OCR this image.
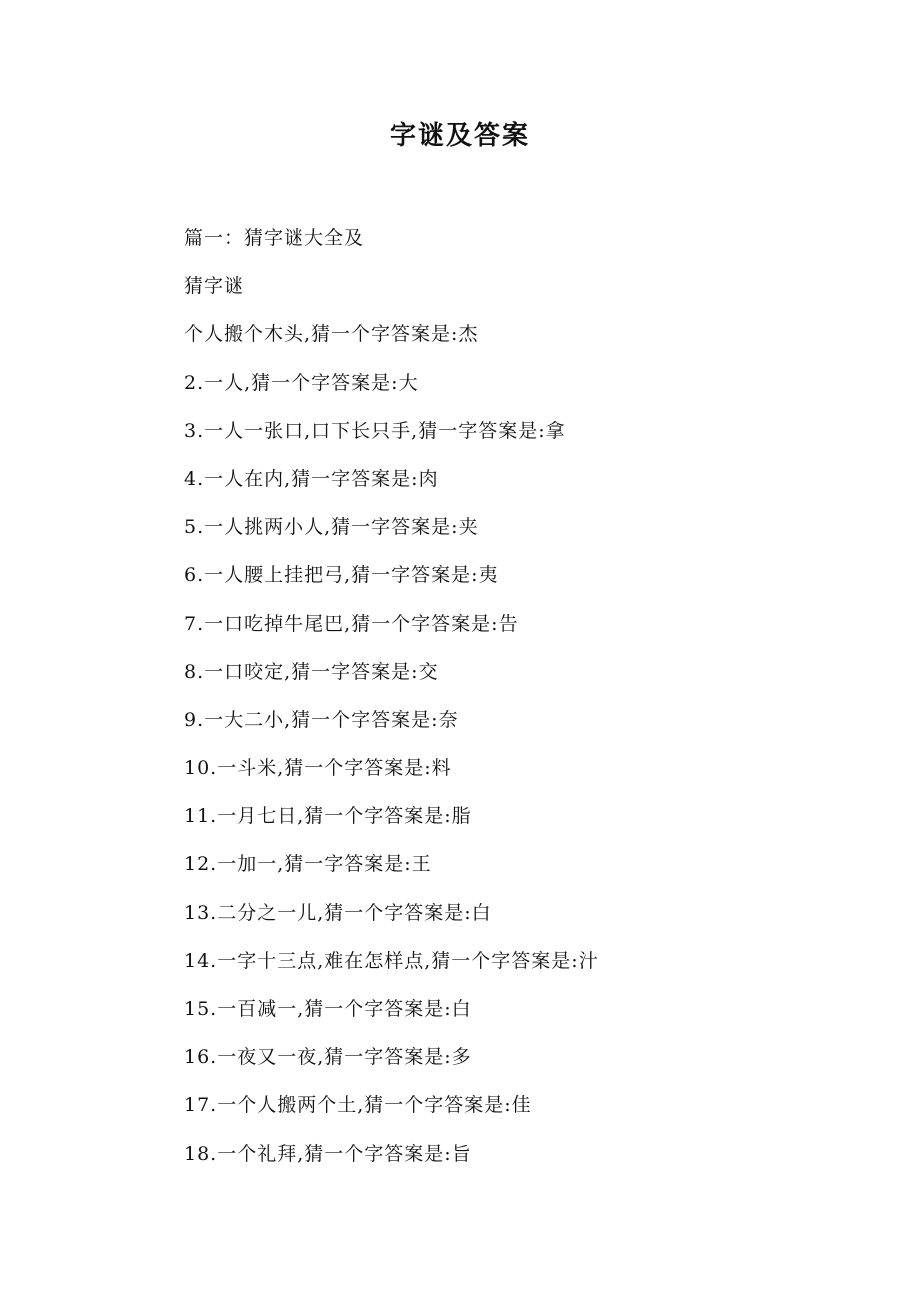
字谜及答案
篇一：猜字谜大全及
猜字谜
个人搬个木头,猜一个字答案是:杰
2.一人,猜一个字答案是:大
3.一人一张口,口下长只手,猜一字答案是:拿
4.一人在内,猜一字答案是:肉
5.一人挑两小人,猜一字答案是:夹
6.一人腰上挂把弓,猜一字答案是:夷
7.一口吃掉牛尾巴,猜一个字答案是:告
8.一口咬定,猜一字答案是:交
9.一大二小,猜一个字答案是:奈
10.一斗米,猜一个字答案是:料
11.一月七日,猜一个字答案是:脂
12.一加一,猜一字答案是:王
13.二分之一儿,猜一个字答案是:白
14.一字十三点,难在怎样点,猜一个字答案是:汁
15.一百减一,猜一个字答案是:白
16.一夜又一夜,猜一字答案是:多
17.一个人搬两个土,猜一个字答案是:佳
18.一个礼拜,猜一个字答案是:旨
